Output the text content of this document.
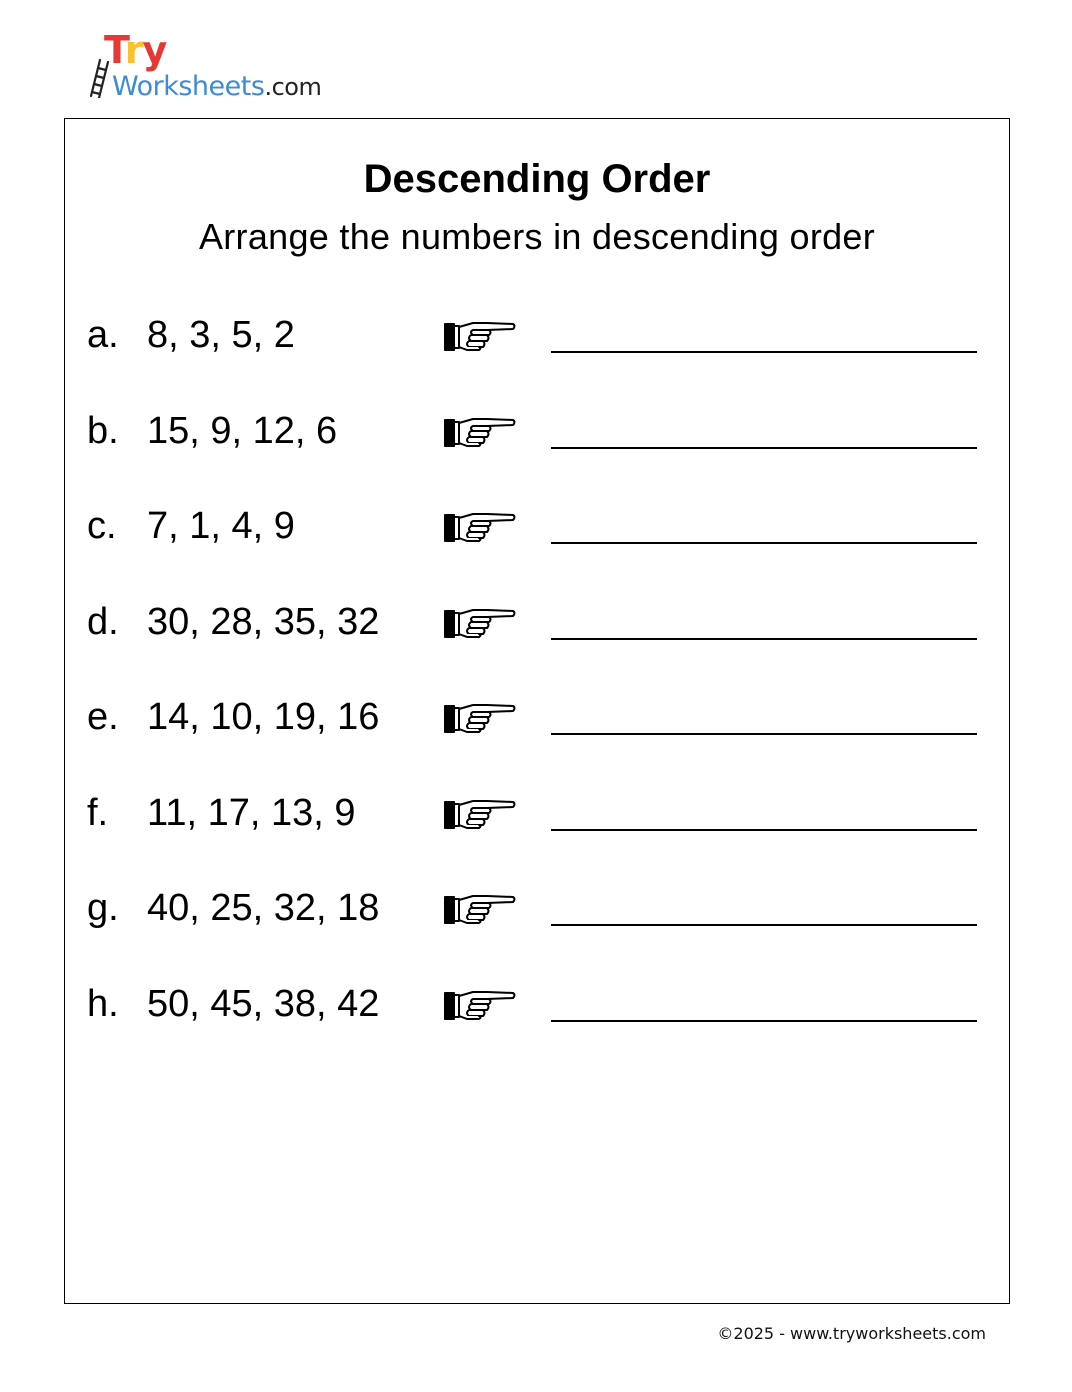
Try
Worksheets.com
Descending Order
Arrange the numbers in descending order
a. 8, 3, 5, 2
b. 15, 9, 12, 6
c. 7, 1, 4, 9
d. 30, 28, 35, 32
e. 14, 10, 19, 16
f. 11, 17, 13, 9
g. 40, 25, 32, 18
h. 50, 45, 38, 42
©2025 - www.tryworksheets.com
